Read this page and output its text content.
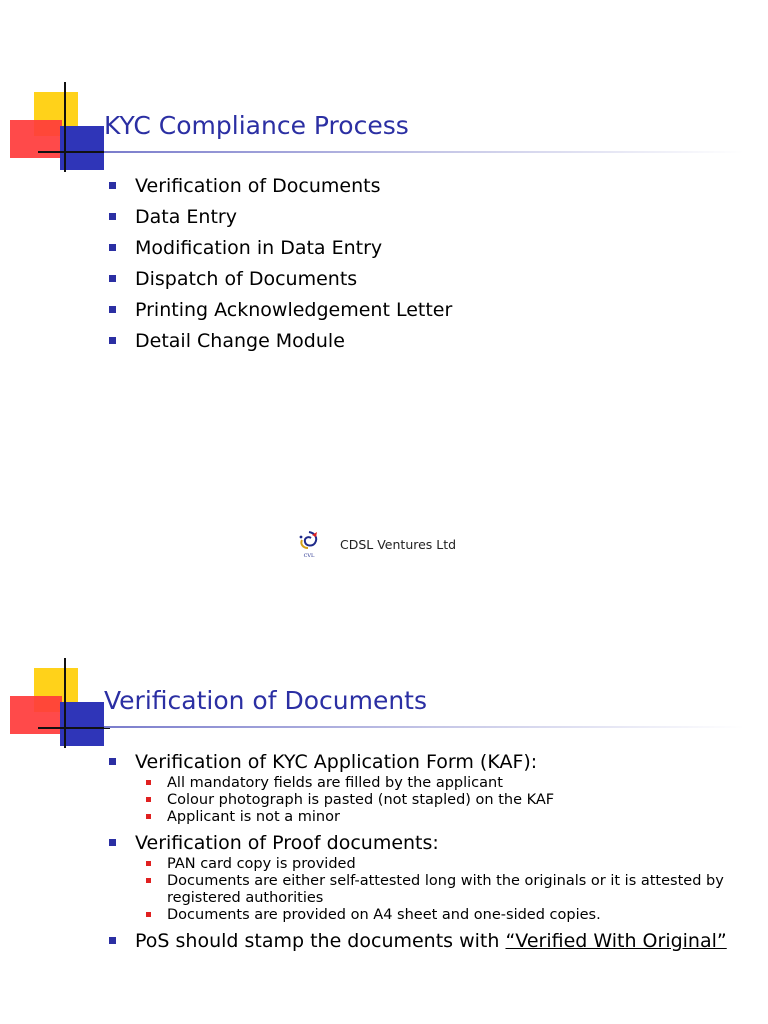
KYC Compliance Process
Verification of Documents
Data Entry
Modification in Data Entry
Dispatch of Documents
Printing Acknowledgement Letter
Detail Change Module
CVL
CDSL Ventures Ltd
Verification of Documents
Verification of KYC Application Form (KAF):
All mandatory fields are filled by the applicant
Colour photograph is pasted (not stapled) on the KAF
Applicant is not a minor
Verification of Proof documents:
PAN card copy is provided
Documents are either self-attested long with the originals or it is attested by registered authorities
Documents are provided on A4 sheet and one-sided copies.
PoS should stamp the documents with “Verified With Original”
